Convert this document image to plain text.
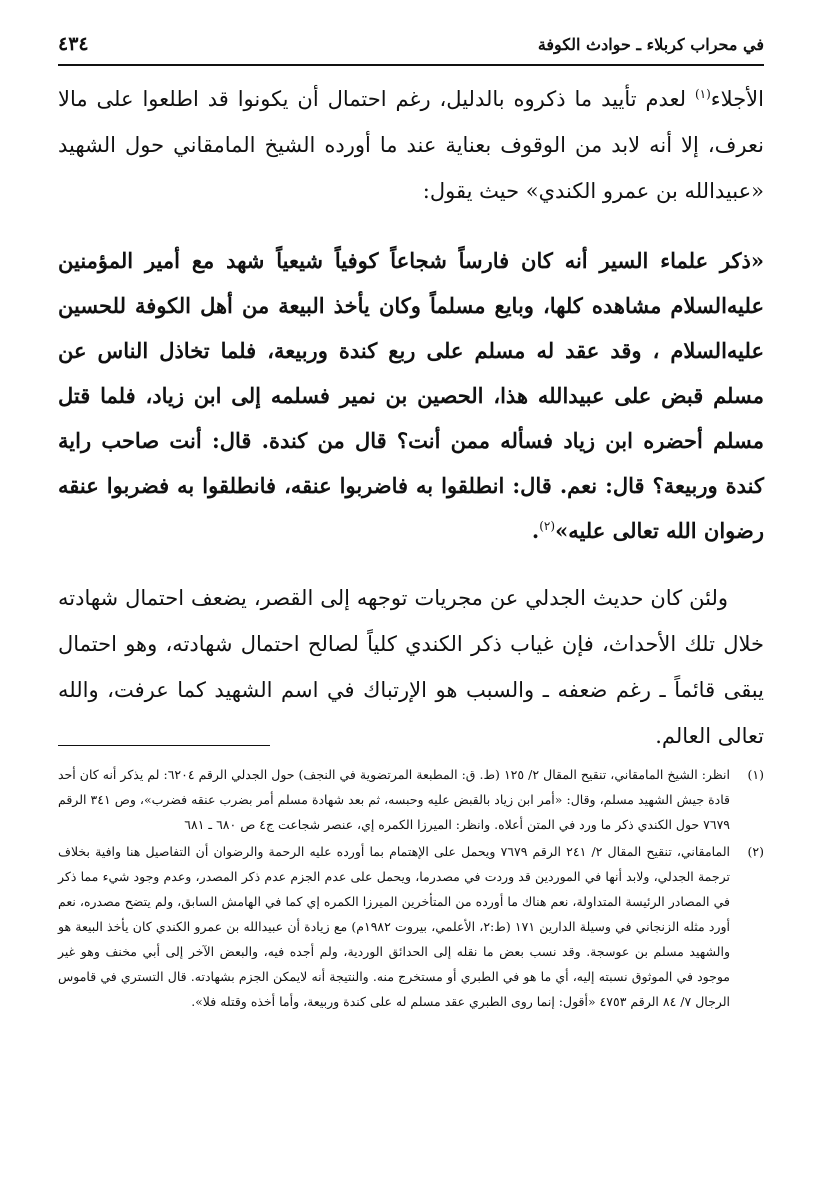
في محراب كربلاء ـ حوادث الكوفة
٤٣٤

الأجلاء$^{(١)}$ لعدم تأييد ما ذكروه بالدليل، رغم احتمال أن يكونوا قد اطلعوا على مالا نعرف، إلا أنه لابد من الوقوف بعناية عند ما أورده الشيخ المامقاني حول الشهيد «عبيدالله بن عمرو الكندي» حيث يقول:

«ذكر علماء السير أنه كان فارساً شجاعاً كوفياً شيعياً شهد مع أمير المؤمنين عليه‌السلام مشاهده كلها، وبايع مسلماً وكان يأخذ البيعة من أهل الكوفة للحسين عليه‌السلام ، وقد عقد له مسلم على ربع كندة وربيعة، فلما تخاذل الناس عن مسلم قبض على عبيدالله هذا، الحصين بن نمير فسلمه إلى ابن زياد، فلما قتل مسلم أحضره ابن زياد فسأله ممن أنت؟ قال من كندة. قال: أنت صاحب راية كندة وربيعة؟ قال: نعم. قال: انطلقوا به فاضربوا عنقه، فانطلقوا به فضربوا عنقه رضوان الله تعالى عليه»$^{(٢)}$.

ولئن كان حديث الجدلي عن مجريات توجهه إلى القصر، يضعف احتمال شهادته خلال تلك الأحداث، فإن غياب ذكر الكندي كلياً لصالح احتمال شهادته، وهو احتمال يبقى قائماً ـ رغم ضعفه ـ والسبب هو الإرتباك في اسم الشهيد كما عرفت، والله تعالى العالم.

(١)

انظر: الشيخ المامقاني، تنقيح المقال ٢/ ١٢٥ (ط. ق: المطبعة المرتضوية في النجف) حول الجدلي الرقم ٦٢٠٤: لم يذكر أنه كان أحد قادة جيش الشهيد مسلم، وقال: «أمر ابن زياد بالقبض عليه وحبسه، ثم بعد شهادة مسلم أمر بضرب عنقه فضرب»، وص ٣٤١ الرقم ٧٦٧٩ حول الكندي ذكر ما ورد في المتن أعلاه. وانظر: الميرزا الكمره إي، عنصر شجاعت ج٤ ص ٦٨٠ ـ ٦٨١

(٢)

المامقاني، تنقيح المقال ٢/ ٢٤١ الرقم ٧٦٧٩ ويحمل على الإهتمام بما أورده عليه الرحمة والرضوان أن التفاصيل هنا وافية بخلاف ترجمة الجدلي، ولابد أنها في الموردين قد وردت في مصدرما، ويحمل على عدم الجزم عدم ذكر المصدر، وعدم وجود شيء مما ذكر في المصادر الرئيسة المتداولة، نعم هناك ما أورده من المتأخرين الميرزا الكمره إي كما في الهامش السابق، ولم يتضح مصدره، نعم أورد مثله الزنجاني في وسيلة الدارين ١٧١ (ط:٢، الأعلمي، بيروت ١٩٨٢م) مع زيادة أن عبيدالله بن عمرو الكندي كان يأخذ البيعة هو والشهيد مسلم بن عوسجة. وقد نسب بعض ما نقله إلى الحدائق الوردية، ولم أجده فيه، والبعض الآخر إلى أبي مخنف وهو غير موجود في الموثوق نسبته إليه، أي ما هو في الطبري أو مستخرج منه. والنتيجة أنه لايمكن الجزم بشهادته. قال التستري في قاموس الرجال ٧/ ٨٤ الرقم ٤٧٥٣ «أقول: إنما روى الطبري عقد مسلم له على كندة وربيعة، وأما أخذه وقتله فلا».
